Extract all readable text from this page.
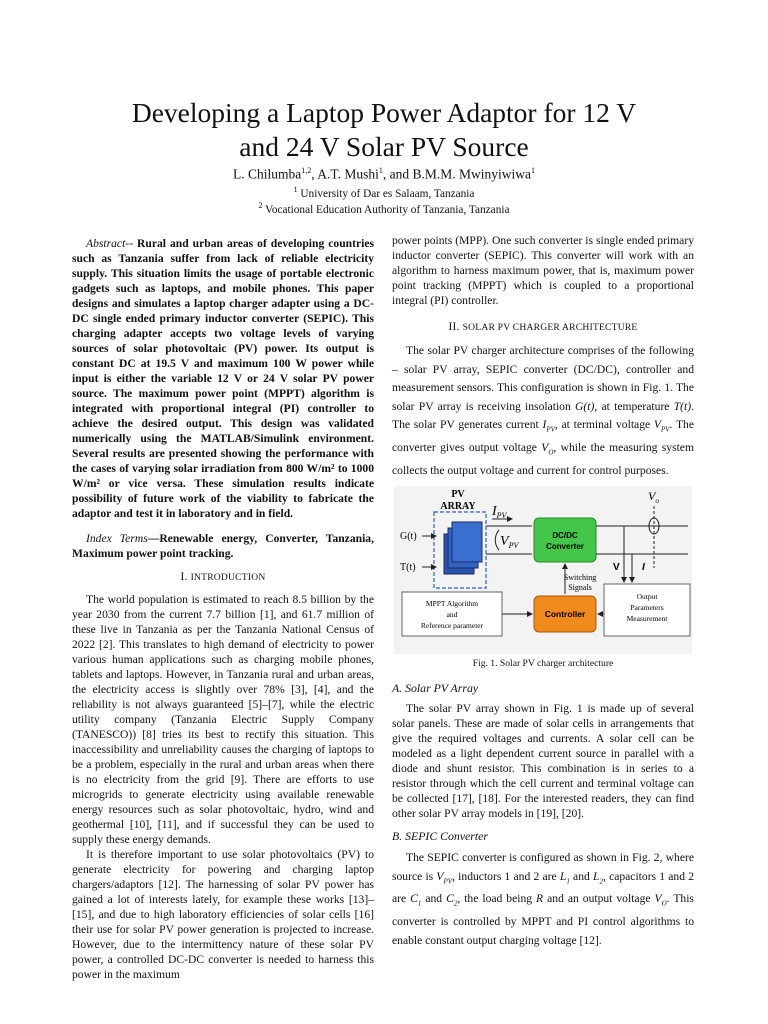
Developing a Laptop Power Adaptor for 12 V
and 24 V Solar PV Source
L. Chilumba$^{1,2}$, A.T. Mushi$^1$, and B.M.M. Mwinyiwiwa$^1$
$^1$ University of Dar es Salaam, Tanzania
$^2$ Vocational Education Authority of Tanzania, Tanzania

Abstract-- Rural and urban areas of developing countries such as Tanzania suffer from lack of reliable electricity supply. This situation limits the usage of portable electronic gadgets such as laptops, and mobile phones. This paper designs and simulates a laptop charger adapter using a DC-DC single ended primary inductor converter (SEPIC). This charging adapter accepts two voltage levels of varying sources of solar photovoltaic (PV) power. Its output is constant DC at 19.5 V and maximum 100 W power while input is either the variable 12 V or 24 V solar PV power source. The maximum power point (MPPT) algorithm is integrated with proportional integral (PI) controller to achieve the desired output. This design was validated numerically using the MATLAB/Simulink environment. Several results are presented showing the performance with the cases of varying solar irradiation from 800 W/m² to 1000 W/m² or vice versa. These simulation results indicate possibility of future work of the viability to fabricate the adaptor and test it in laboratory and in field.

Index Terms—Renewable energy, Converter, Tanzania, Maximum power point tracking.

I. INTRODUCTION

The world population is estimated to reach 8.5 billion by the year 2030 from the current 7.7 billion [1], and 61.7 million of these live in Tanzania as per the Tanzania National Census of 2022 [2]. This translates to high demand of electricity to power various human applications such as charging mobile phones, tablets and laptops. However, in Tanzania rural and urban areas, the electricity access is slightly over 78% [3], [4], and the reliability is not always guaranteed [5]–[7], while the electric utility company (Tanzania Electric Supply Company (TANESCO)) [8] tries its best to rectify this situation. This inaccessibility and unreliability causes the charging of laptops to be a problem, especially in the rural and urban areas when there is no electricity from the grid [9]. There are efforts to use microgrids to generate electricity using available renewable energy resources such as solar photovoltaic, hydro, wind and geothermal [10], [11], and if successful they can be used to supply these energy demands.

It is therefore important to use solar photovoltaics (PV) to generate electricity for powering and charging laptop chargers/adaptors [12]. The harnessing of solar PV power has gained a lot of interests lately, for example these works [13]–[15], and due to high laboratory efficiencies of solar cells [16] their use for solar PV power generation is projected to increase. However, due to the intermittency nature of these solar PV power, a controlled DC-DC converter is needed to harness this power in the maximum

power points (MPP). One such converter is single ended primary inductor converter (SEPIC). This converter will work with an algorithm to harness maximum power, that is, maximum power point tracking (MPPT) which is coupled to a proportional integral (PI) controller.

II. SOLAR PV CHARGER ARCHITECTURE

The solar PV charger architecture comprises of the following – solar PV array, SEPIC converter (DC/DC), controller and measurement sensors. This configuration is shown in Fig. 1. The solar PV array is receiving insolation G(t), at temperature T(t). The solar PV generates current $I_{PV}$, at terminal voltage $V_{PV}$. The converter gives output voltage $V_O$, while the measuring system collects the output voltage and current for control purposes.

PV
ARRAY
G(t)
T(t)
$I_{PV}$
$V_{PV}$
DC/DC
Converter
$V_o$
V I
Switching
Signals
MPPT Algorithm
and
Reference parameter
Controller
Output
Parameters
Measurement
Fig. 1. Solar PV charger architecture
A. Solar PV Array

The solar PV array shown in Fig. 1 is made up of several solar panels. These are made of solar cells in arrangements that give the required voltages and currents. A solar cell can be modeled as a light dependent current source in parallel with a diode and shunt resistor. This combination is in series to a resistor through which the cell current and terminal voltage can be collected [17], [18]. For the interested readers, they can find other solar PV array models in [19], [20].

B. SEPIC Converter

The SEPIC converter is configured as shown in Fig. 2, where source is $V_{PV}$, inductors 1 and 2 are $L_1$ and $L_2$, capacitors 1 and 2 are $C_1$ and $C_2$, the load being R and an output voltage $V_O$. This converter is controlled by MPPT and PI control algorithms to enable constant output charging voltage [12].
